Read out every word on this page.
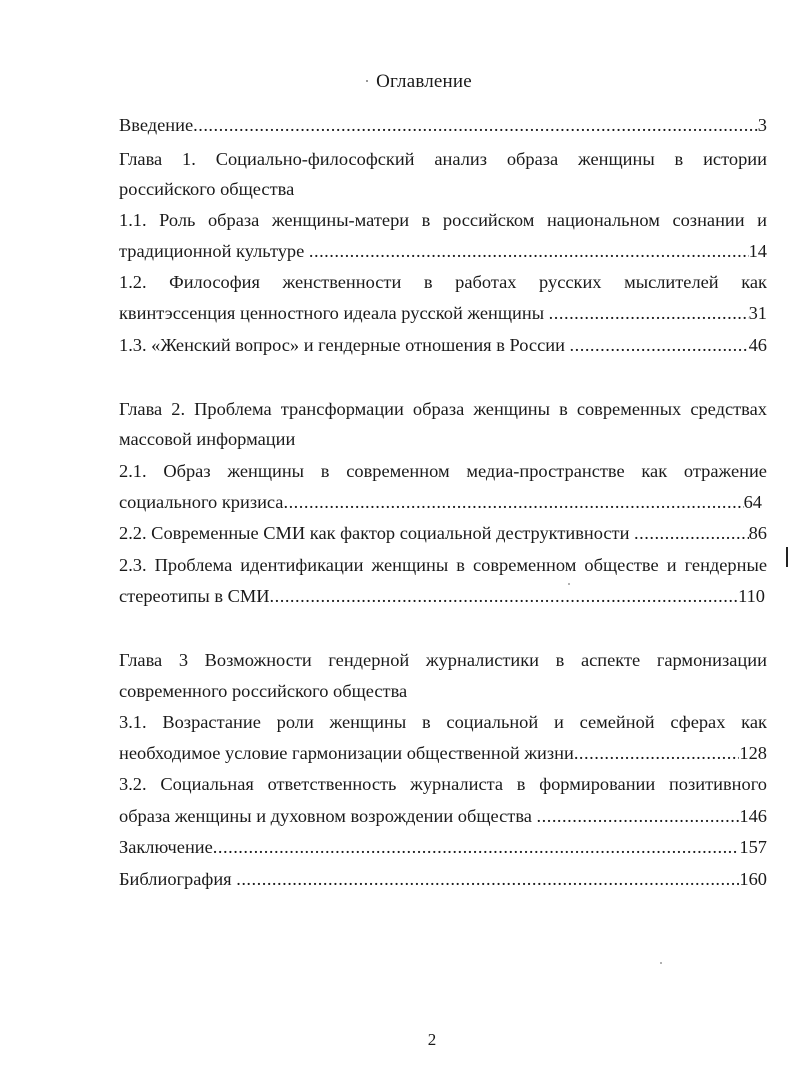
Оглавление
Введение .....	3
Глава 1. Социально-философский анализ образа женщины в истории
российского общества
1.1. Роль образа женщины-матери в российском национальном сознании и
традиционной культуре .....	14
1.2. Философия женственности в работах русских мыслителей как
квинтэссенция ценностного идеала русской женщины .....	31
1.3. «Женский вопрос» и гендерные отношения в России .....	46
Глава 2. Проблема трансформации образа женщины в современных средствах
массовой информации
2.1. Образ женщины в современном медиа-пространстве как отражение
социального кризиса .....	64
2.2. Современные СМИ как фактор социальной деструктивности .....	86
2.3. Проблема идентификации женщины в современном обществе и гендерные
стереотипы в СМИ .....	110
Глава 3 Возможности гендерной журналистики в аспекте гармонизации
современного российского общества
3.1. Возрастание роли женщины в социальной и семейной сферах как
необходимое условие гармонизации общественной жизни .....	128
3.2. Социальная ответственность журналиста в формировании позитивного
образа женщины и духовном возрождении общества .....	146
Заключение .....	157
Библиография .....	160
2
